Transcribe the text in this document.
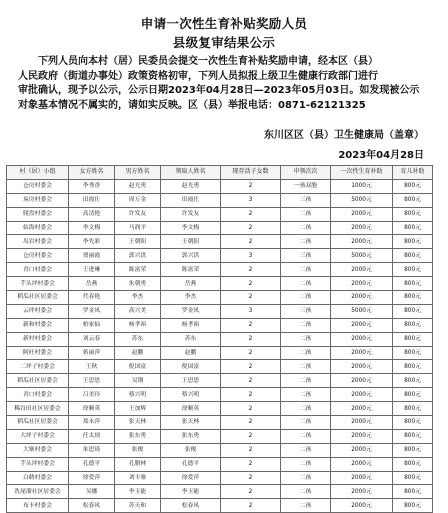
申请一次性生育补贴奖励人员
县级复审结果公示

下列人员向本村（居）民委员会提交一次性生育补贴奖励申请，经本区（县）

人民政府（街道办事处）政策资格初审，下列人员拟报上级卫生健康行政部门进行

审批确认，现予以公示，公示日期2023年04月28日—2023年05月03日。如发现被公示

对象基本情况不属实的，请如实反映。区（县）举报电话：0871-62121325

东川区区（县）卫生健康局（盖章）
2023年04月28日
村（居）小组	女方姓名	男方姓名	领取人姓名	现存活子女数	申领次次	一次性生育补助	育儿补助
仓房村委会	李秀香	赵光勇	赵光勇	2	一孩双胞	1000元	800元
炭房村委会	田霞仕	周万金	田霞仕	3	三孩	5000元	800元
爬盘村委会	高清艳	许发友	许发友	2	二孩	2000元	800元
姑海村委会	李文梅	马润平	李文梅	2	二孩	2000元	800元
岛岩村委会	李先彩	王朝阳	王朝阳	2	二孩	2000元	800元
仓房村委会	贾丽霞	郭兴洪	郭兴洪	3	三孩	5000元	800元
青口村委会	王进琳	陈富荣	陈富荣	2	二孩	2000元	800元
芋头坪村委会	岳燕	朱朝勇	岳燕	2	二孩	2000元	800元
稻瓜社区居委会	代春艳	李杰	李杰	2	二孩	2000元	800元
云坪村委会	罗金凤	高兴美	罗金凤	3	三孩	5000元	800元
新和村委会	柏家仙	杨孝裕	杨孝裕	2	二孩	2000元	800元
新村村委会	刘云春	苏东	苏东	2	二孩	2000元	800元
阿旺村委会	蒋丽萍	赵鹏	赵鹏	2	二孩	2000元	800元
二坪子村委会	王秋	倪国富	倪国富	2	二孩	2000元	800元
稻瓜社区居委会	王思思	吴钢	王思思	2	二孩	2000元	800元
青口村委会	吕美玲	蔡兴明	蔡兴明	2	二孩	2000元	800元
稀谷田社区居委会	徐顺英	王加辉	徐顺英	2	二孩	2000元	800元
稻瓜社区居委会	郑永萍	张天林	张天林	2	二孩	2000元	800元
大坪子村委会	任太琼	张东勇	张东勇	2	二孩	2000元	800元
大寨村委会	朱思琦	张俊	张俊	2	二孩	2000元	800元
芋头坪村委会	孔德平	孔腊林	孔德平	2	二孩	2000元	800元
白鹤村委会	徐爱萍	刘丰寨	徐爱萍	2	二孩	2000元	800元
洗尾溜社区居委会	吴娜	李玉能	李玉能	2	二孩	2000元	800元
布卡村委会	松春凤	苏天和	松春凤	2	二孩	2000元	800元
